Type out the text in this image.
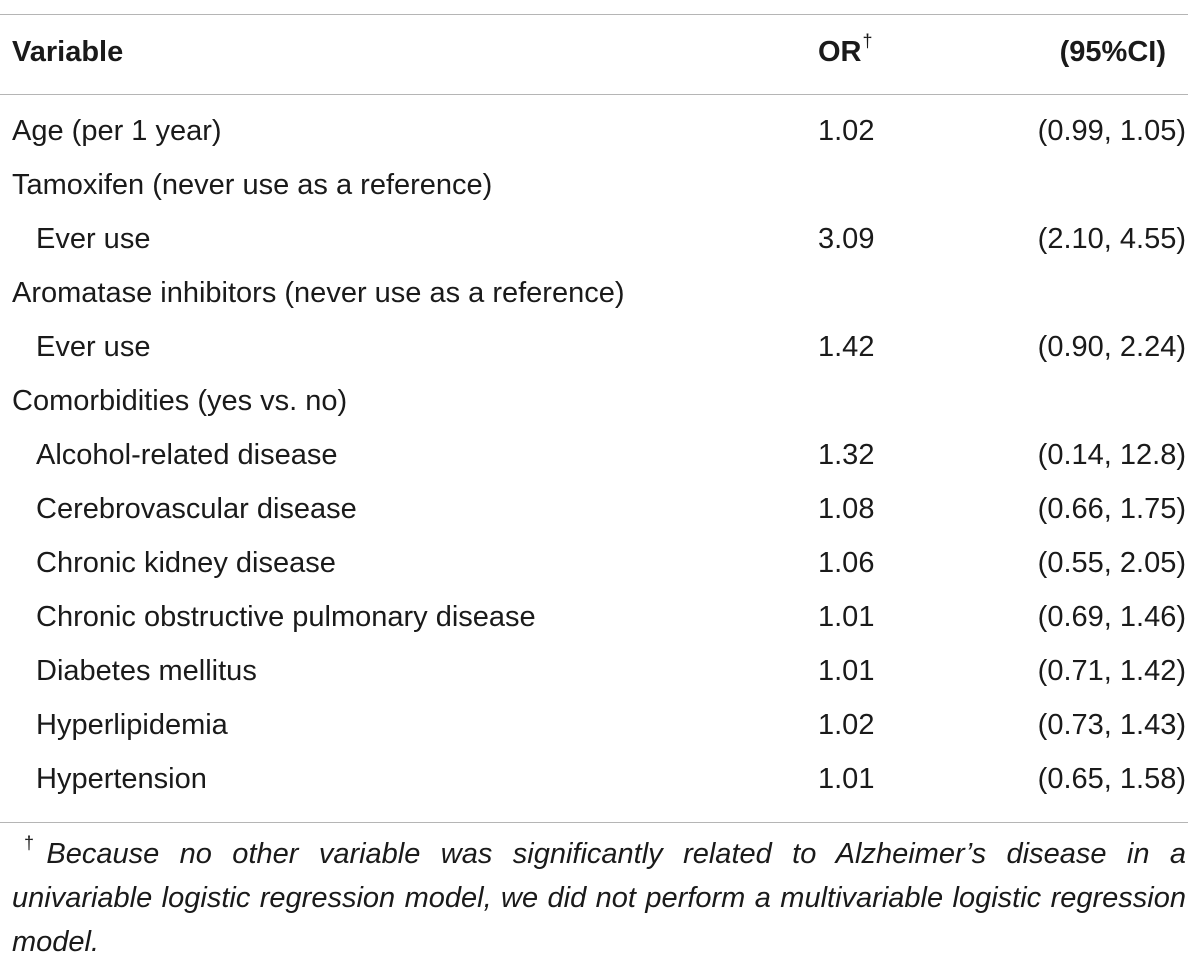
Variable	OR†	(95%CI)
Age (per 1 year)	1.02	(0.99, 1.05)
Tamoxifen (never use as a reference)
Ever use	3.09	(2.10, 4.55)
Aromatase inhibitors (never use as a reference)
Ever use	1.42	(0.90, 2.24)
Comorbidities (yes vs. no)
Alcohol-related disease	1.32	(0.14, 12.8)
Cerebrovascular disease	1.08	(0.66, 1.75)
Chronic kidney disease	1.06	(0.55, 2.05)
Chronic obstructive pulmonary disease	1.01	(0.69, 1.46)
Diabetes mellitus	1.01	(0.71, 1.42)
Hyperlipidemia	1.02	(0.73, 1.43)
Hypertension	1.01	(0.65, 1.58)
†Because no other variable was significantly related to Alzheimer’s disease in a univariable logistic regression model, we did not perform a multivariable logistic regression model.
